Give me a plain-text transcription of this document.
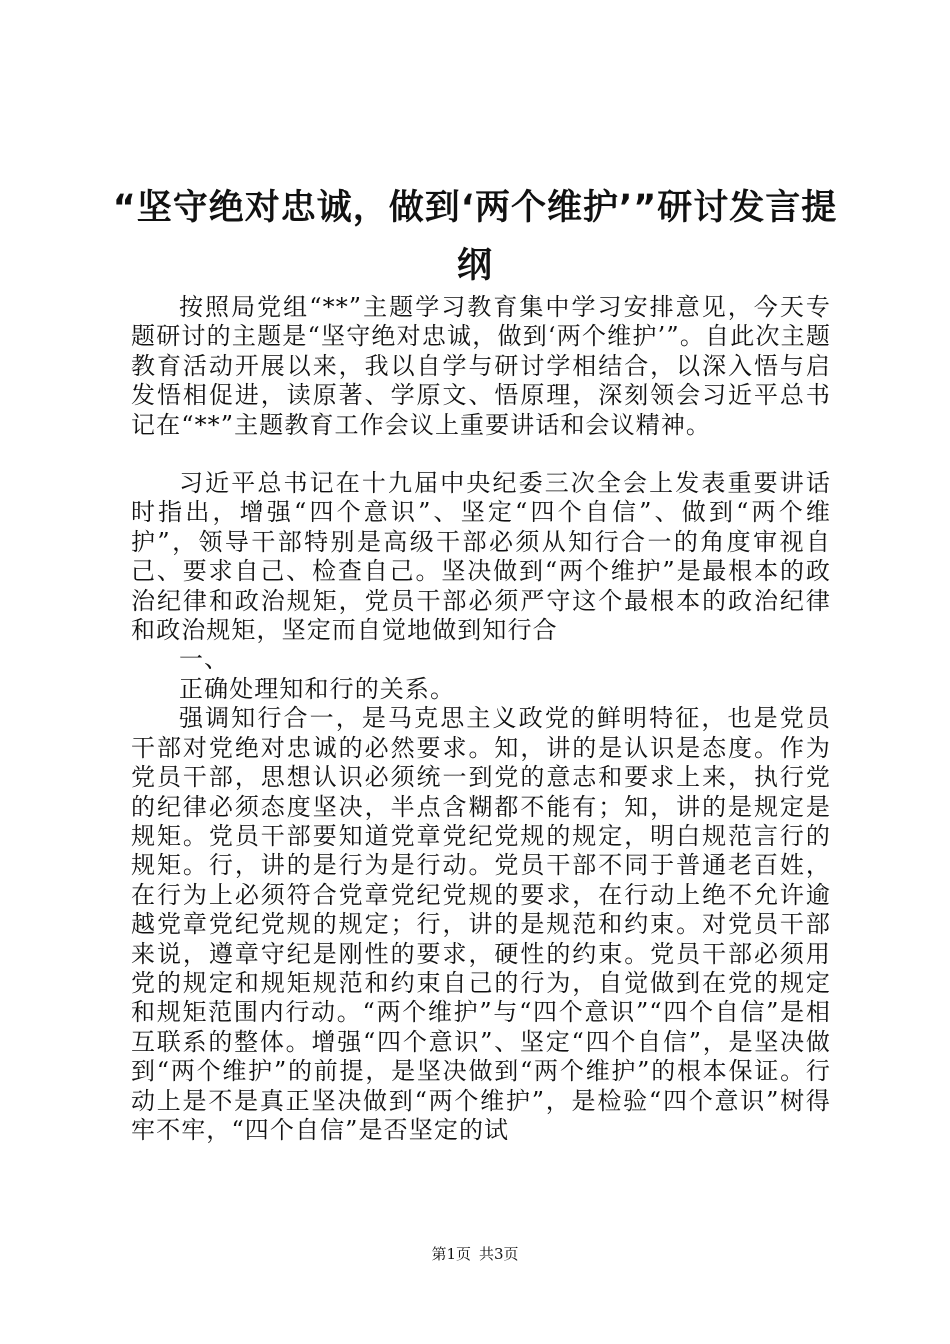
“坚守绝对忠诚，做到‘两个维护’”研讨发言提纲

按照局党组“**”主题学习教育集中学习安排意见，今天专题研讨的主题是“坚守绝对忠诚，做到‘两个维护’”。自此次主题教育活动开展以来，我以自学与研讨学相结合，以深入悟与启发悟相促进，读原著、学原文、悟原理，深刻领会习近平总书记在“**”主题教育工作会议上重要讲话和会议精神。

习近平总书记在十九届中央纪委三次全会上发表重要讲话时指出，增强“四个意识”、坚定“四个自信”、做到“两个维护”，领导干部特别是高级干部必须从知行合一的角度审视自己、要求自己、检查自己。坚决做到“两个维护”是最根本的政治纪律和政治规矩，党员干部必须严守这个最根本的政治纪律和政治规矩，坚定而自觉地做到知行合

一、

正确处理知和行的关系。

强调知行合一，是马克思主义政党的鲜明特征，也是党员干部对党绝对忠诚的必然要求。知，讲的是认识是态度。作为党员干部，思想认识必须统一到党的意志和要求上来，执行党的纪律必须态度坚决，半点含糊都不能有；知，讲的是规定是规矩。党员干部要知道党章党纪党规的规定，明白规范言行的规矩。行，讲的是行为是行动。党员干部不同于普通老百姓，在行为上必须符合党章党纪党规的要求，在行动上绝不允许逾越党章党纪党规的规定；行，讲的是规范和约束。对党员干部来说，遵章守纪是刚性的要求，硬性的约束。党员干部必须用党的规定和规矩规范和约束自己的行为，自觉做到在党的规定和规矩范围内行动。“两个维护”与“四个意识”“四个自信”是相互联系的整体。增强“四个意识”、坚定“四个自信”，是坚决做到“两个维护”的前提，是坚决做到“两个维护”的根本保证。行动上是不是真正坚决做到“两个维护”，是检验“四个意识”树得牢不牢，“四个自信”是否坚定的试

第1页 共3页
